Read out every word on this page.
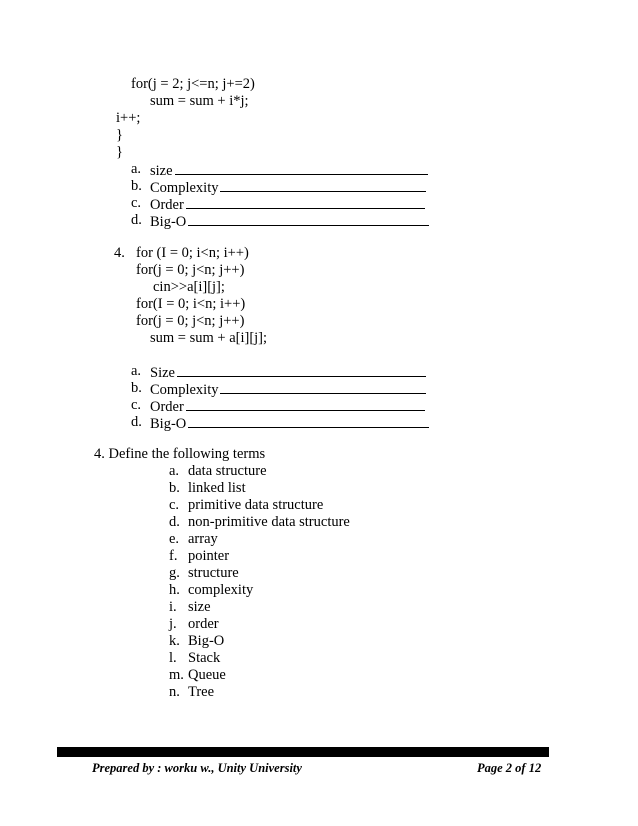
for(j = 2; j<=n; j+=2)
sum = sum + i*j;
i++;
}
}

a.

size

b.

Complexity

c.

Order

d.

Big-O

4. for (I = 0; i<n; i++)
for(j = 0; j<n; j++)
cin>>a[i][j];
for(I = 0; i<n; i++)
for(j = 0; j<n; j++)
sum = sum + a[i][j];

a.

Size

b.

Complexity

c.

Order

d.

Big-O

4. Define the following terms
a. data structure
b. linked list
c. primitive data structure
d. non-primitive data structure
e. array
f. pointer
g. structure
h. complexity
i. size
j. order
k. Big-O
l. Stack
m. Queue
n. Tree
Prepared by : worku w., Unity University	Page 2 of 12
